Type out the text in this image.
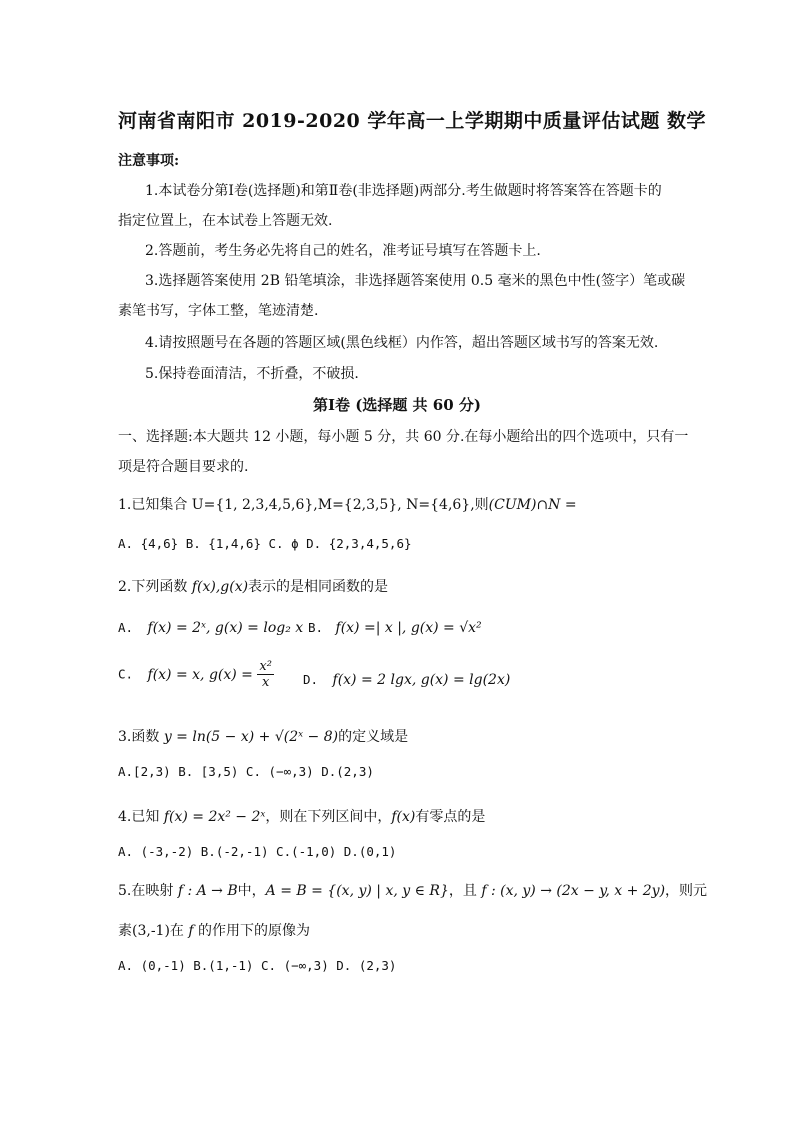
河南省南阳市 2019-2020 学年高一上学期期中质量评估试题 数学
注意事项:
1.本试卷分第Ⅰ卷(选择题)和第Ⅱ卷(非选择题)两部分.考生做题时将答案答在答题卡的
指定位置上，在本试卷上答题无效.
2.答题前，考生务必先将自己的姓名，准考证号填写在答题卡上.
3.选择题答案使用 2B 铅笔填涂，非选择题答案使用 0.5 毫米的黑色中性(签字）笔或碳
素笔书写，字体工整，笔迹清楚.
4.请按照题号在各题的答题区域(黑色线框）内作答，超出答题区域书写的答案无效.
5.保持卷面清洁，不折叠，不破损.
第Ⅰ卷 (选择题 共 60 分)
一、选择题:本大题共 12 小题，每小题 5 分，共 60 分.在每小题给出的四个选项中，只有一
项是符合题目要求的.
1.已知集合 U={1, 2,3,4,5,6},M={2,3,5}, N={4,6},则(CUM)∩N =
A. {4,6} B. {1,4,6} C. ϕ D. {2,3,4,5,6}
2.下列函数 f(x),g(x)表示的是相同函数的是
A. f(x) = 2ˣ, g(x) = log₂ x B. f(x) =| x |, g(x) = √x²
C. f(x) = x, $g(x) = \frac{\text{x²}}{x} D$. f(x) = 2 lgx, g(x) = lg(2x)
3.函数 y = ln(5 − x) + √(2ˣ − 8)的定义域是
A.[2,3) B. [3,5) C. (−∞,3) D.(2,3)
4.已知 f(x) = 2x² − 2ˣ，则在下列区间中，f(x)有零点的是
A. (-3,-2) B.(-2,-1) C.(-1,0) D.(0,1)
5.在映射 f : A → B中，A = B = {(x, y) | x, y ∈ R}，且 f : (x, y) → (2x − y, x + 2y)，则元
素(3,-1)在 f 的作用下的原像为
A. (0,-1) B.(1,-1) C. (−∞,3) D. (2,3)
